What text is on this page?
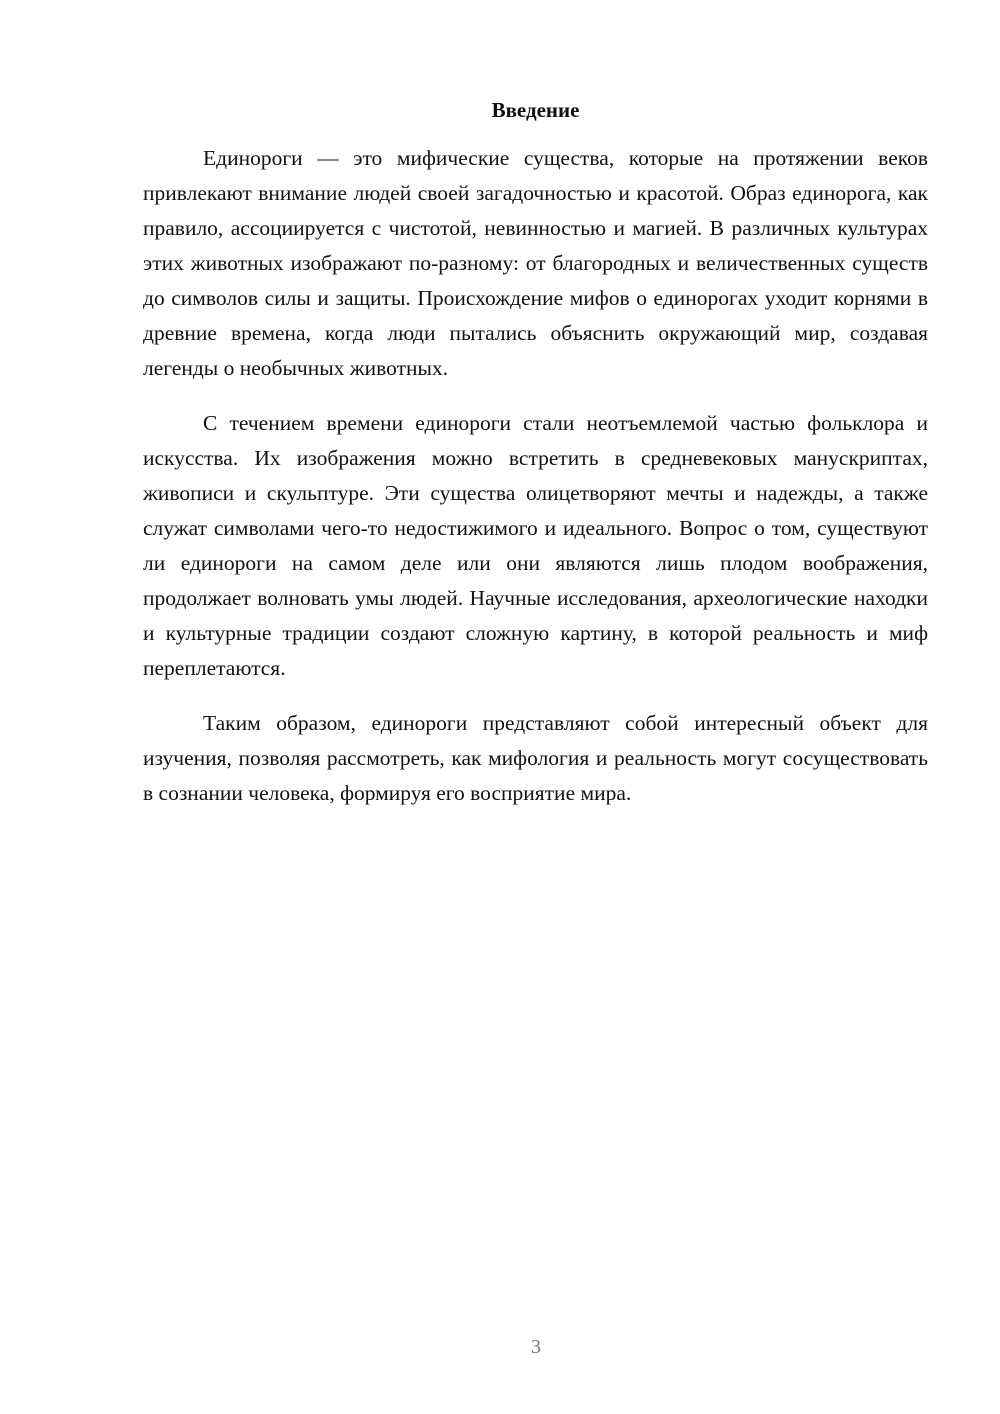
Введение

Единороги — это мифические существа, которые на протяжении веков привлекают внимание людей своей загадочностью и красотой. Образ единорога, как правило, ассоциируется с чистотой, невинностью и магией. В различных культурах этих животных изображают по-разному: от благородных и величественных существ до символов силы и защиты. Происхождение мифов о единорогах уходит корнями в древние времена, когда люди пытались объяснить окружающий мир, создавая легенды о необычных животных.

С течением времени единороги стали неотъемлемой частью фольклора и искусства. Их изображения можно встретить в средневековых манускриптах, живописи и скульптуре. Эти существа олицетворяют мечты и надежды, а также служат символами чего-то недостижимого и идеального. Вопрос о том, существуют ли единороги на самом деле или они являются лишь плодом воображения, продолжает волновать умы людей. Научные исследования, археологические находки и культурные традиции создают сложную картину, в которой реальность и миф переплетаются.

Таким образом, единороги представляют собой интересный объект для изучения, позволяя рассмотреть, как мифология и реальность могут сосуществовать в сознании человека, формируя его восприятие мира.

3
